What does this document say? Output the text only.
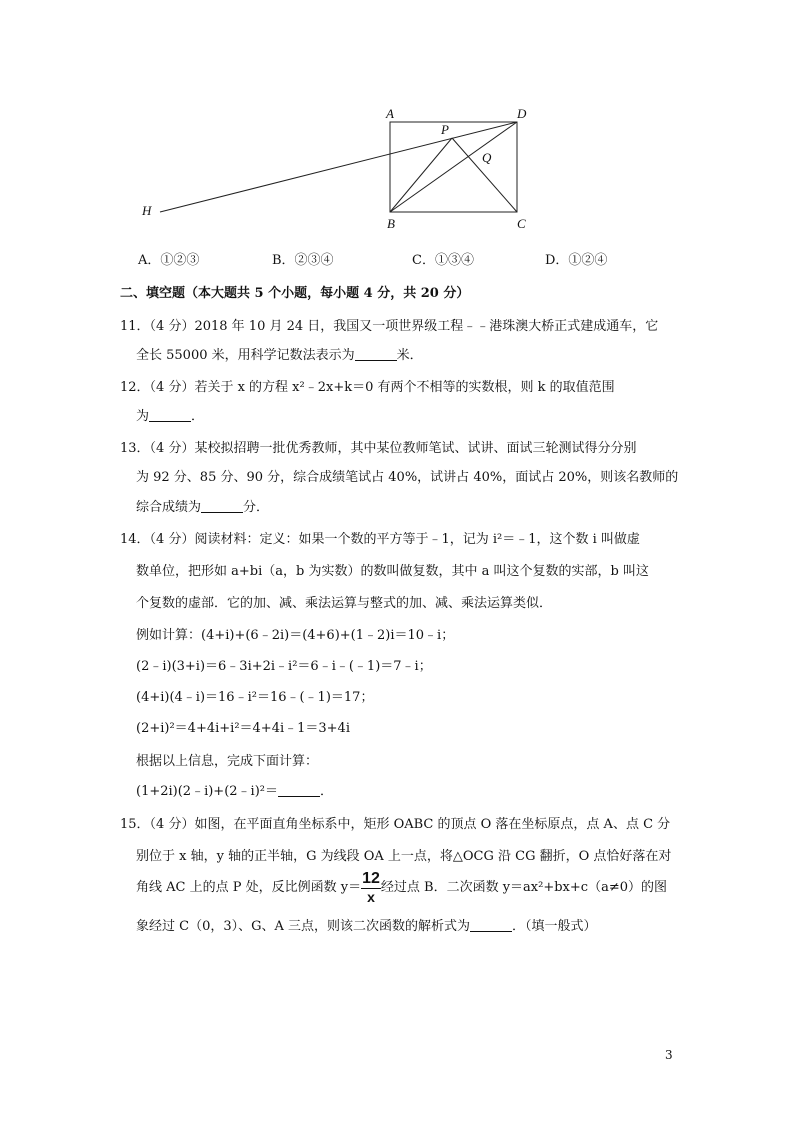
A	D
P
Q
H
B	C
A．①②③	B．②③④	C．①③④	D．①②④
二、填空题（本大题共 5 个小题，每小题 4 分，共 20 分）
11．（4 分）2018 年 10 月 24 日，我国又一项世界级工程﹣﹣港珠澳大桥正式建成通车，它
全长 55000 米，用科学记数法表示为	米．
12．（4 分）若关于 x 的方程 x²﹣2x+k＝0 有两个不相等的实数根，则 k 的取值范围
为	．
13．（4 分）某校拟招聘一批优秀教师，其中某位教师笔试、试讲、面试三轮测试得分分别
为 92 分、85 分、90 分，综合成绩笔试占 40%，试讲占 40%，面试占 20%，则该名教师的
综合成绩为	分．
14．（4 分）阅读材料：定义：如果一个数的平方等于﹣1，记为 i²＝﹣1，这个数 i 叫做虚
数单位，把形如 a+bi（a，b 为实数）的数叫做复数，其中 a 叫这个复数的实部，b 叫这
个复数的虚部．它的加、减、乘法运算与整式的加、减、乘法运算类似．
例如计算：(4+i)+(6﹣2i)＝(4+6)+(1﹣2)i＝10﹣i；
(2﹣i)(3+i)＝6﹣3i+2i﹣i²＝6﹣i﹣(﹣1)＝7﹣i；
(4+i)(4﹣i)＝16﹣i²＝16﹣(﹣1)＝17；
(2+i)²＝4+4i+i²＝4+4i﹣1＝3+4i
根据以上信息，完成下面计算：
(1+2i)(2﹣i)+(2﹣i)²＝	．
15．（4 分）如图，在平面直角坐标系中，矩形 OABC 的顶点 O 落在坐标原点，点 A、点 C 分
别位于 x 轴，y 轴的正半轴，G 为线段 OA 上一点，将△OCG 沿 CG 翻折，O 点恰好落在对
角线 AC 上的点 P 处，反比例函数 $y= \frac{12}{x}$ 经过点 B．二次函数 y＝ax²+bx+c（a≠0）的图
象经过 C（0，3）、G、A 三点，则该二次函数的解析式为	．（填一般式）
3
